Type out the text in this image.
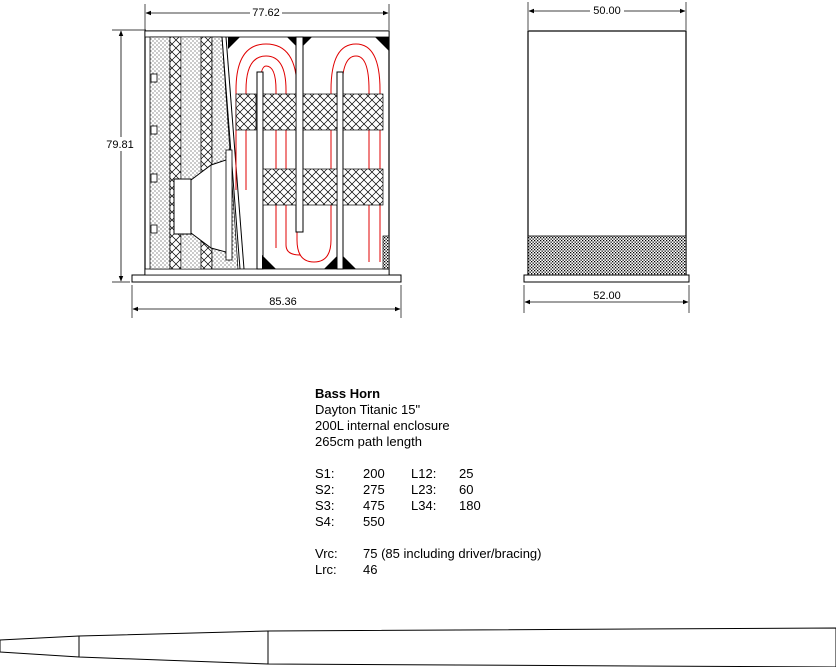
77.62
79.81
85.36
50.00
52.00
Bass Horn
Dayton Titanic 15"
200L internal enclosure
265cm path length
S1:	200	L12:	25
S2:	275	L23:	60
S3:	475	L34:	180
S4:	550
Vrc:	75 (85 including driver/bracing)
Lrc:	46
